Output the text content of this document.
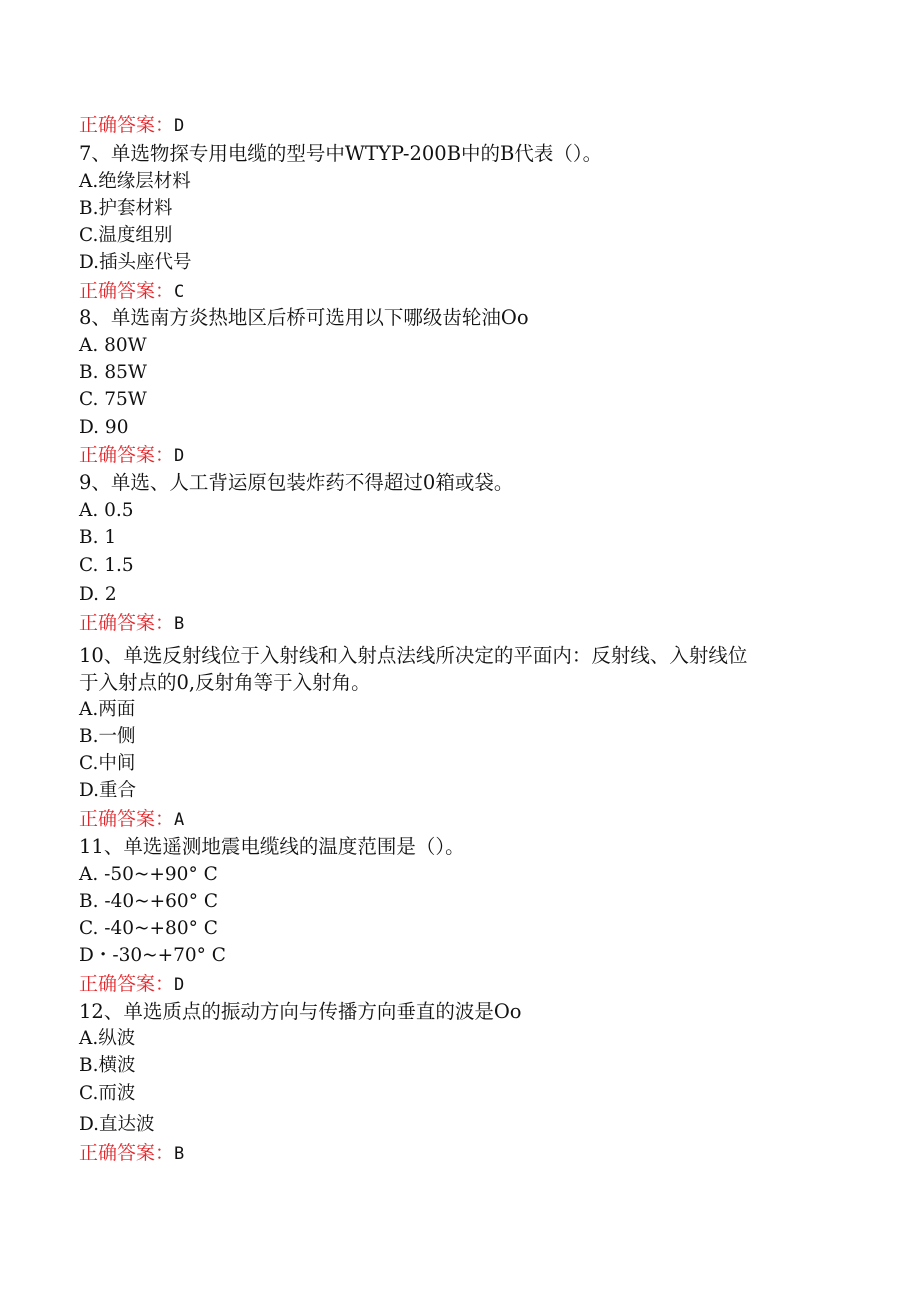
正确答案：D
7、单选物探专用电缆的型号中WTYP-200B中的B代表（）。
A.绝缘层材料
B.护套材料
C.温度组别
D.插头座代号
正确答案：C
8、单选南方炎热地区后桥可选用以下哪级齿轮油Oo
A. 80W
B. 85W
C. 75W
D. 90
正确答案：D
9、单选、人工背运原包装炸药不得超过0箱或袋。
A. 0.5
B. 1
C. 1.5
D. 2
正确答案：B
10、单选反射线位于入射线和入射点法线所决定的平面内：反射线、入射线位
于入射点的0,反射角等于入射角。
A.两面
B.一侧
C.中间
D.重合
正确答案：A
11、单选遥测地震电缆线的温度范围是（）。
A. -50~+90° C
B. -40~+60° C
C. -40~+80° C
D・-30~+70° C
正确答案：D
12、单选质点的振动方向与传播方向垂直的波是Oo
A.纵波
B.横波
C.而波
D.直达波
正确答案：B
